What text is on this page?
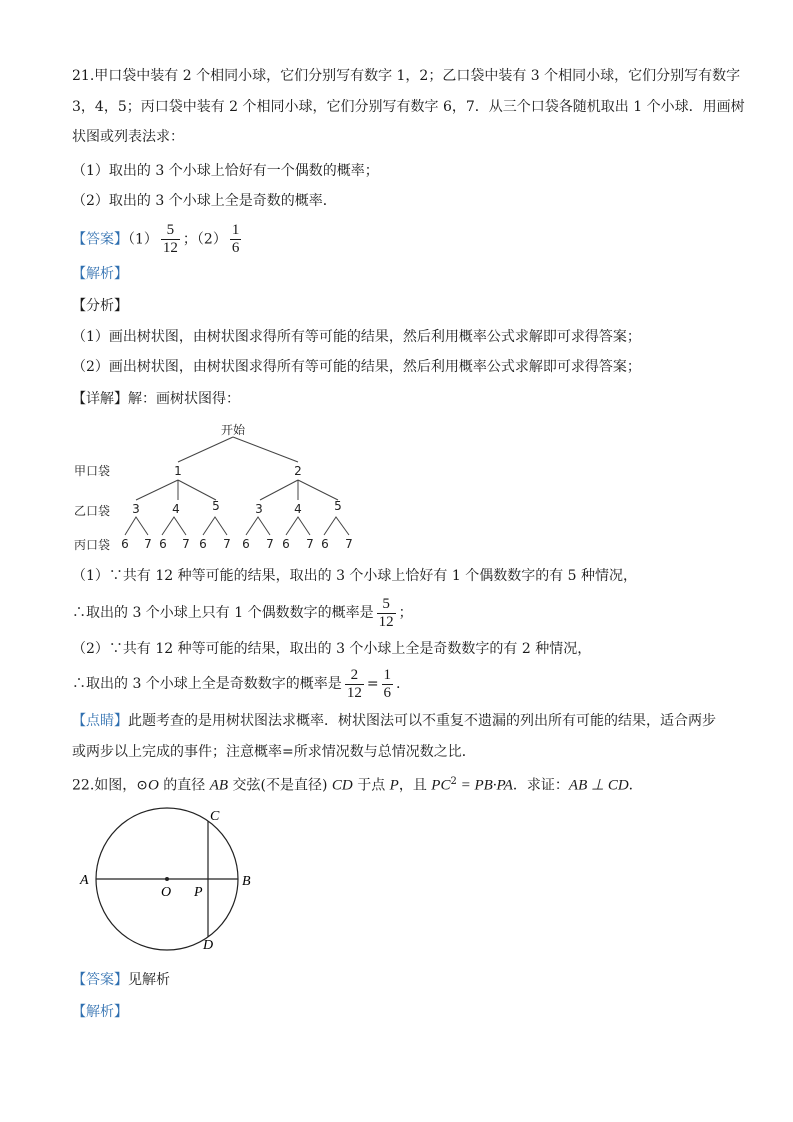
21.甲口袋中装有 2 个相同小球，它们分别写有数字 1，2；乙口袋中装有 3 个相同小球，它们分别写有数字
3，4，5；丙口袋中装有 2 个相同小球，它们分别写有数字 6，7．从三个口袋各随机取出 1 个小球．用画树
状图或列表法求：
（1）取出的 3 个小球上恰好有一个偶数的概率；
（2）取出的 3 个小球上全是奇数的概率．
【答案】$(1) \frac{5}{12}$ ；$(2) \frac{1}{6}$
【解析】
【分析】
（1）画出树状图，由树状图求得所有等可能的结果，然后利用概率公式求解即可求得答案；
（2）画出树状图，由树状图求得所有等可能的结果，然后利用概率公式求解即可求得答案；
【详解】解：画树状图得：
开始
甲口袋
乙口袋
丙口袋
1	2
3	4	5	3	4	5
6 7 6 7 6 7 6 7 6 7 6 7
（1）∵共有 12 种等可能的结果，取出的 3 个小球上恰好有 1 个偶数数字的有 5 种情况，
∴取出的 3 个小球上只有 1 个偶数数字的概率是 $\frac{5}{12}$ ；
（2）∵共有 12 种等可能的结果，取出的 3 个小球上全是奇数数字的有 2 种情况，
∴取出的 3 个小球上全是奇数数字的概率是 $\frac{2}{12} = \frac{1}{6}$ .
【点睛】此题考查的是用树状图法求概率．树状图法可以不重复不遗漏的列出所有可能的结果，适合两步
或两步以上完成的事件；注意概率=所求情况数与总情况数之比．
22.如图，⊙O 的直径 AB 交弦(不是直径) CD 于点 P，且 $PC^2 = PB\cdot PA$．求证：AB ⊥ CD．
A	B
C
D
O P
【答案】见解析
【解析】
